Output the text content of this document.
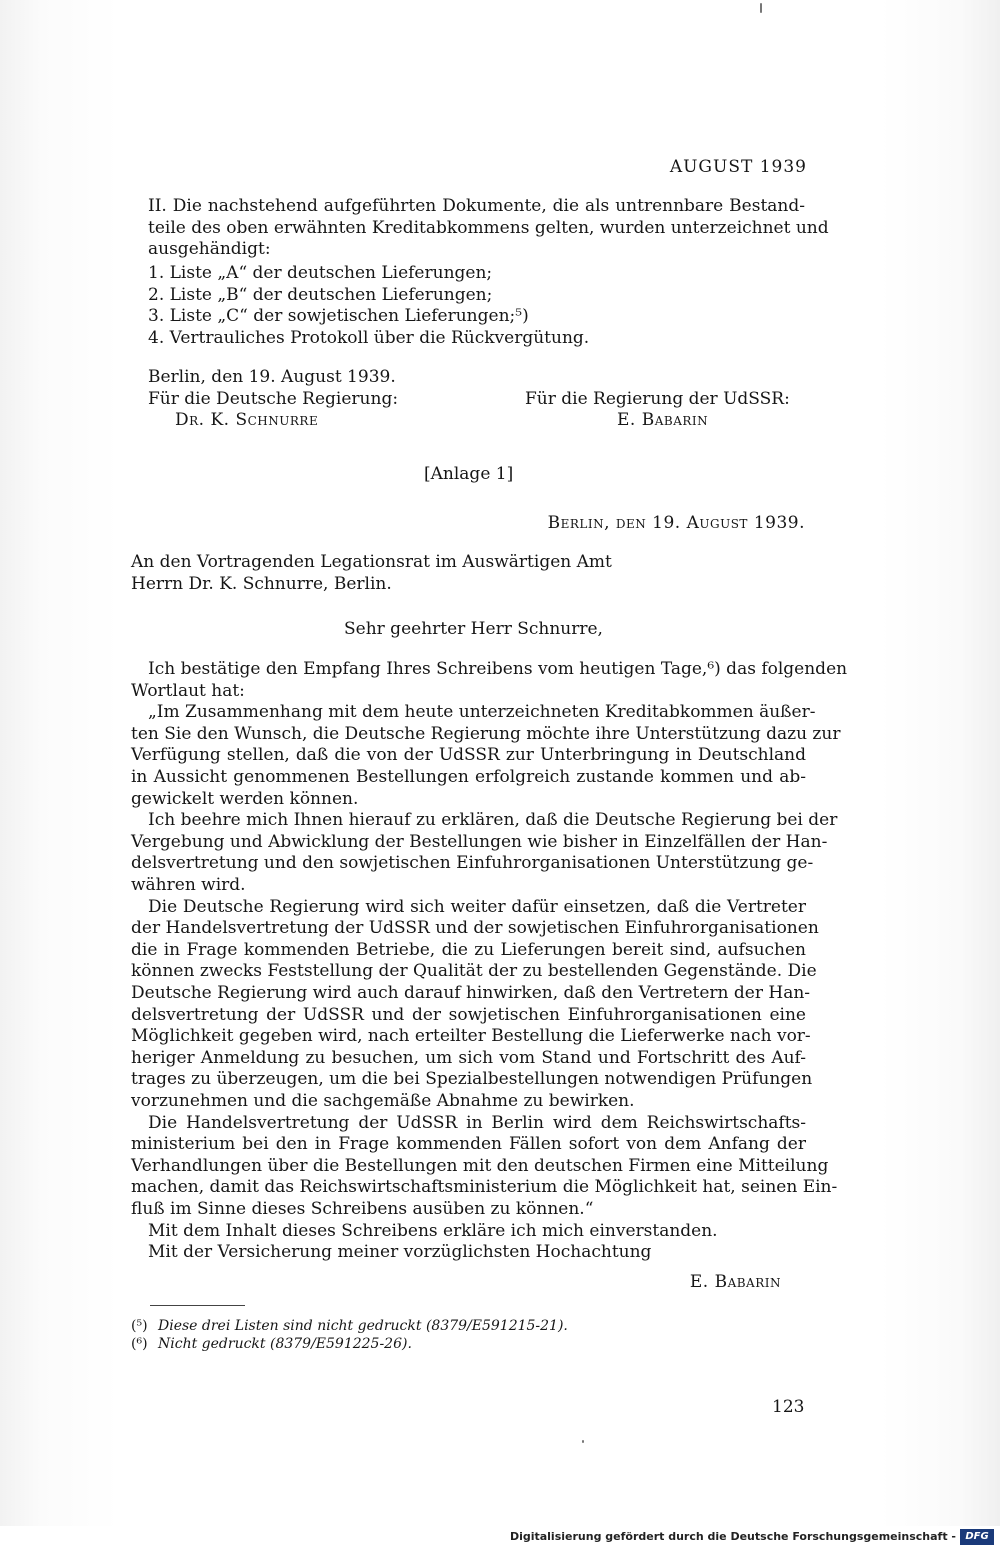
AUGUST 1939
II. Die nachstehend aufgeführten Dokumente, die als untrennbare Bestand-
teile des oben erwähnten Kreditabkommens gelten, wurden unterzeichnet und
ausgehändigt:
1. Liste „A“ der deutschen Lieferungen;
2. Liste „B“ der deutschen Lieferungen;
3. Liste „C“ der sowjetischen Lieferungen;⁵)
4. Vertrauliches Protokoll über die Rückvergütung.
Berlin, den 19. August 1939.
Für die Deutsche Regierung:
Dr. K. Schnurre
Für die Regierung der UdSSR:
E. Babarin
[Anlage 1]
Berlin, den 19. August 1939.
An den Vortragenden Legationsrat im Auswärtigen Amt
Herrn Dr. K. Schnurre, Berlin.
Sehr geehrter Herr Schnurre,
Ich bestätige den Empfang Ihres Schreibens vom heutigen Tage,⁶) das folgenden
Wortlaut hat:
„Im Zusammenhang mit dem heute unterzeichneten Kreditabkommen äußer-
ten Sie den Wunsch, die Deutsche Regierung möchte ihre Unterstützung dazu zur
Verfügung stellen, daß die von der UdSSR zur Unterbringung in Deutschland
in Aussicht genommenen Bestellungen erfolgreich zustande kommen und ab-
gewickelt werden können.
Ich beehre mich Ihnen hierauf zu erklären, daß die Deutsche Regierung bei der
Vergebung und Abwicklung der Bestellungen wie bisher in Einzelfällen der Han-
delsvertretung und den sowjetischen Einfuhrorganisationen Unterstützung ge-
währen wird.
Die Deutsche Regierung wird sich weiter dafür einsetzen, daß die Vertreter
der Handelsvertretung der UdSSR und der sowjetischen Einfuhrorganisationen
die in Frage kommenden Betriebe, die zu Lieferungen bereit sind, aufsuchen
können zwecks Feststellung der Qualität der zu bestellenden Gegenstände. Die
Deutsche Regierung wird auch darauf hinwirken, daß den Vertretern der Han-
delsvertretung der UdSSR und der sowjetischen Einfuhrorganisationen eine
Möglichkeit gegeben wird, nach erteilter Bestellung die Lieferwerke nach vor-
heriger Anmeldung zu besuchen, um sich vom Stand und Fortschritt des Auf-
trages zu überzeugen, um die bei Spezialbestellungen notwendigen Prüfungen
vorzunehmen und die sachgemäße Abnahme zu bewirken.
Die Handelsvertretung der UdSSR in Berlin wird dem Reichswirtschafts-
ministerium bei den in Frage kommenden Fällen sofort von dem Anfang der
Verhandlungen über die Bestellungen mit den deutschen Firmen eine Mitteilung
machen, damit das Reichswirtschaftsministerium die Möglichkeit hat, seinen Ein-
fluß im Sinne dieses Schreibens ausüben zu können.“
Mit dem Inhalt dieses Schreibens erkläre ich mich einverstanden.
Mit der Versicherung meiner vorzüglichsten Hochachtung
E. Babarin
(⁵) Diese drei Listen sind nicht gedruckt (8379/E591215-21).
(⁶) Nicht gedruckt (8379/E591225-26).
123
Digitalisierung gefördert durch die Deutsche Forschungsgemeinschaft - DFG
